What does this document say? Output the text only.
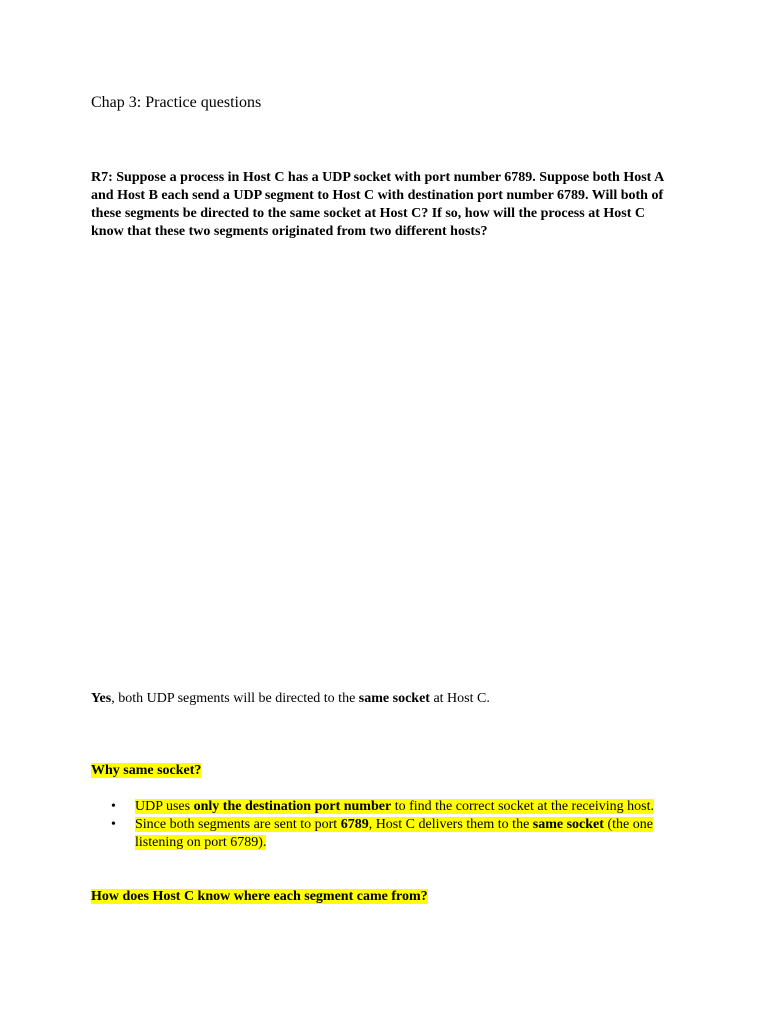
Chap 3: Practice questions

R7: Suppose a process in Host C has a UDP socket with port number 6789. Suppose both Host A and Host B each send a UDP segment to Host C with destination port number 6789. Will both of these segments be directed to the same socket at Host C? If so, how will the process at Host C know that these two segments originated from two different hosts?

Yes, both UDP segments will be directed to the same socket at Host C.

Why same socket?

• UDP uses only the destination port number to find the correct socket at the receiving host.
• Since both segments are sent to port 6789, Host C delivers them to the same socket (the one listening on port 6789).

How does Host C know where each segment came from?
